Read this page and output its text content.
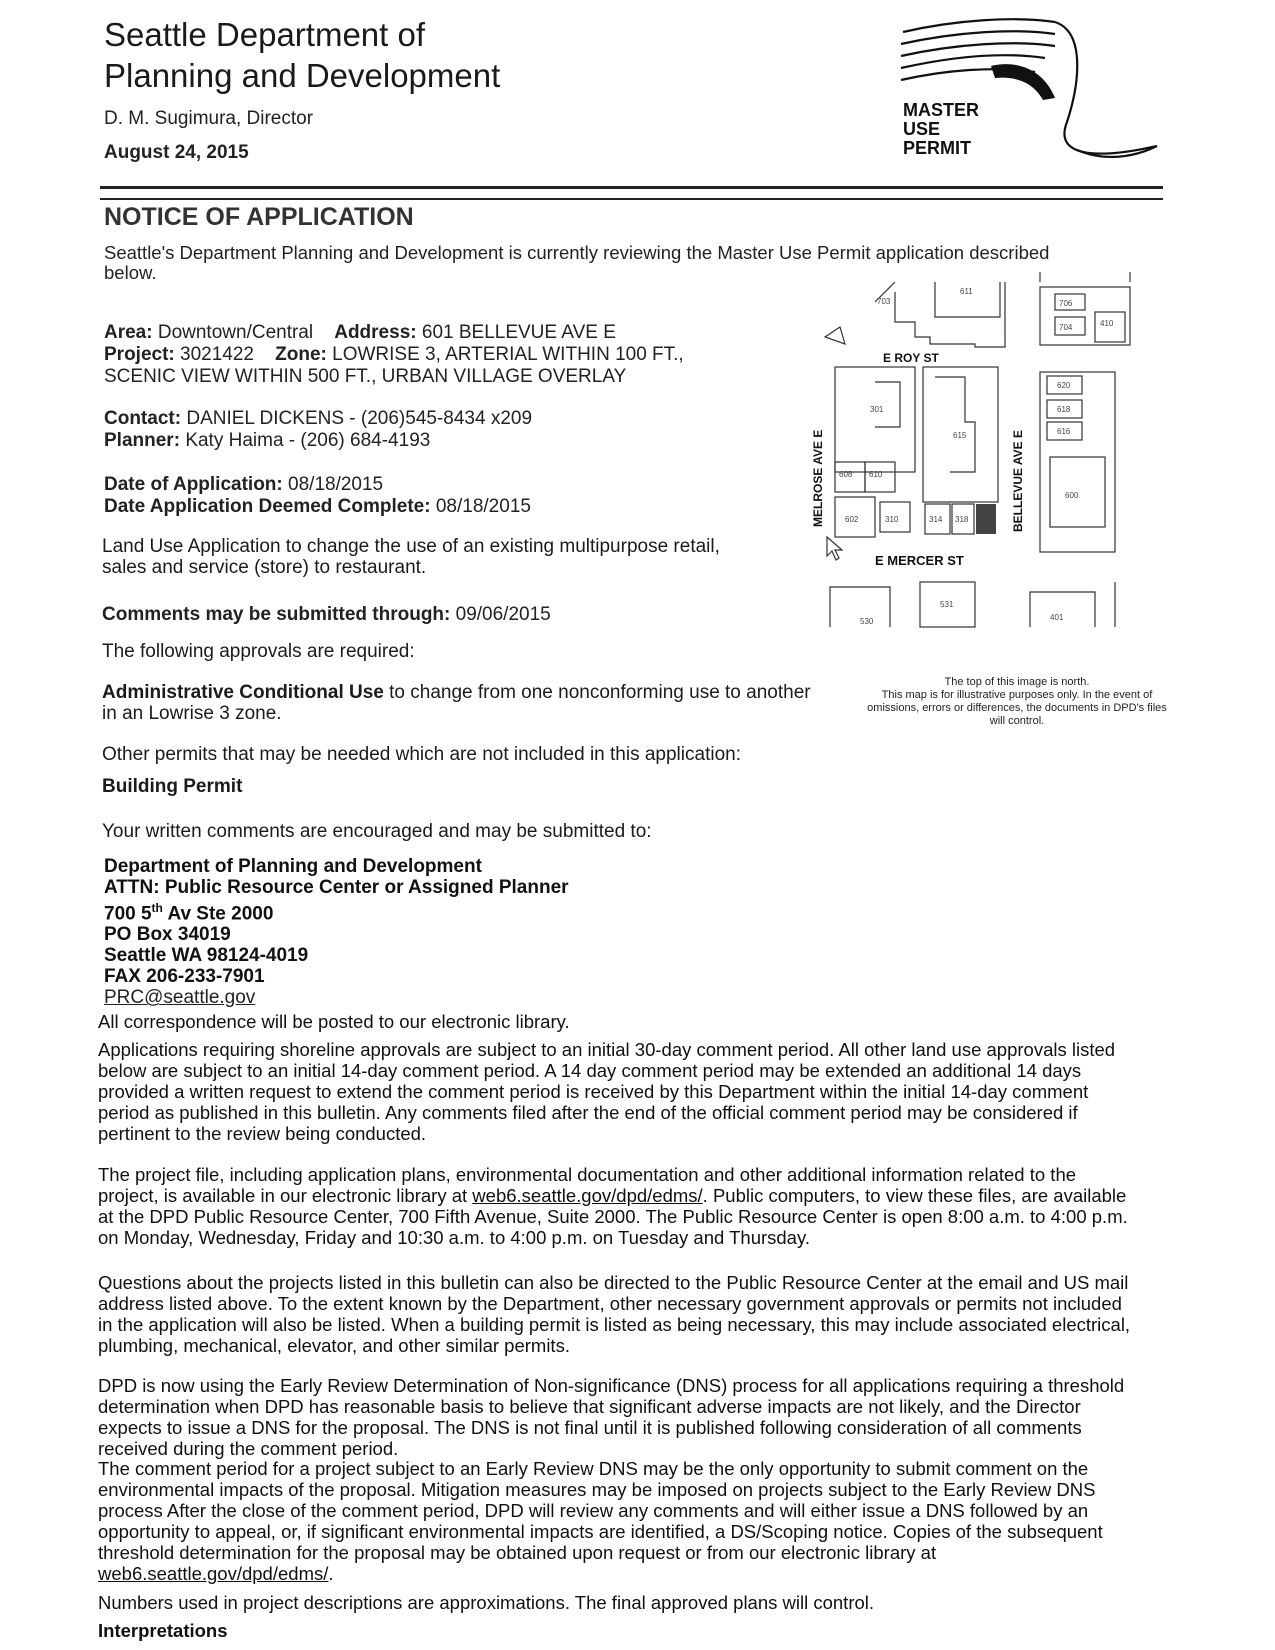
Seattle Department of
Planning and Development
D. M. Sugimura, Director
August 24, 2015
MASTER
USE
PERMIT
NOTICE OF APPLICATION
Seattle's Department Planning and Development is currently reviewing the Master Use Permit application described below.
Area: Downtown/Central Address: 601 BELLEVUE AVE E
Project: 3021422 Zone: LOWRISE 3, ARTERIAL WITHIN 100 FT.,
SCENIC VIEW WITHIN 500 FT., URBAN VILLAGE OVERLAY
Contact: DANIEL DICKENS - (206)545-8434 x209
Planner: Katy Haima - (206) 684-4193
Date of Application: 08/18/2015
Date Application Deemed Complete: 08/18/2015
Land Use Application to change the use of an existing multipurpose retail, sales and service (store) to restaurant.
Comments may be submitted through: 09/06/2015
The following approvals are required:
Administrative Conditional Use to change from one nonconforming use to another in an Lowrise 3 zone.
Other permits that may be needed which are not included in this application:
Building Permit
Your written comments are encouraged and may be submitted to:
Department of Planning and Development
ATTN: Public Resource Center or Assigned Planner
700 5th Av Ste 2000
PO Box 34019
Seattle WA 98124-4019
FAX 206-233-7901
PRC@seattle.gov
E ROY ST
E MERCER ST
MELROSE AVE E	BELLEVUE AVE E
703
611
706
704	410
301
615
620
618
616
608 610
600
602	310	314 318
531
530	401
The top of this image is north.
This map is for illustrative purposes only. In the event of omissions, errors or differences, the documents in DPD's files will control.
All correspondence will be posted to our electronic library.
Applications requiring shoreline approvals are subject to an initial 30-day comment period. All other land use approvals listed below are subject to an initial 14-day comment period. A 14 day comment period may be extended an additional 14 days provided a written request to extend the comment period is received by this Department within the initial 14-day comment period as published in this bulletin. Any comments filed after the end of the official comment period may be considered if pertinent to the review being conducted.
The project file, including application plans, environmental documentation and other additional information related to the project, is available in our electronic library at web6.seattle.gov/dpd/edms/. Public computers, to view these files, are available at the DPD Public Resource Center, 700 Fifth Avenue, Suite 2000. The Public Resource Center is open 8:00 a.m. to 4:00 p.m. on Monday, Wednesday, Friday and 10:30 a.m. to 4:00 p.m. on Tuesday and Thursday.
Questions about the projects listed in this bulletin can also be directed to the Public Resource Center at the email and US mail address listed above. To the extent known by the Department, other necessary government approvals or permits not included in the application will also be listed. When a building permit is listed as being necessary, this may include associated electrical, plumbing, mechanical, elevator, and other similar permits.
DPD is now using the Early Review Determination of Non-significance (DNS) process for all applications requiring a threshold determination when DPD has reasonable basis to believe that significant adverse impacts are not likely, and the Director expects to issue a DNS for the proposal. The DNS is not final until it is published following consideration of all comments received during the comment period.
The comment period for a project subject to an Early Review DNS may be the only opportunity to submit comment on the environmental impacts of the proposal. Mitigation measures may be imposed on projects subject to the Early Review DNS process After the close of the comment period, DPD will review any comments and will either issue a DNS followed by an opportunity to appeal, or, if significant environmental impacts are identified, a DS/Scoping notice. Copies of the subsequent threshold determination for the proposal may be obtained upon request or from our electronic library at web6.seattle.gov/dpd/edms/.
Numbers used in project descriptions are approximations. The final approved plans will control.
Interpretations
